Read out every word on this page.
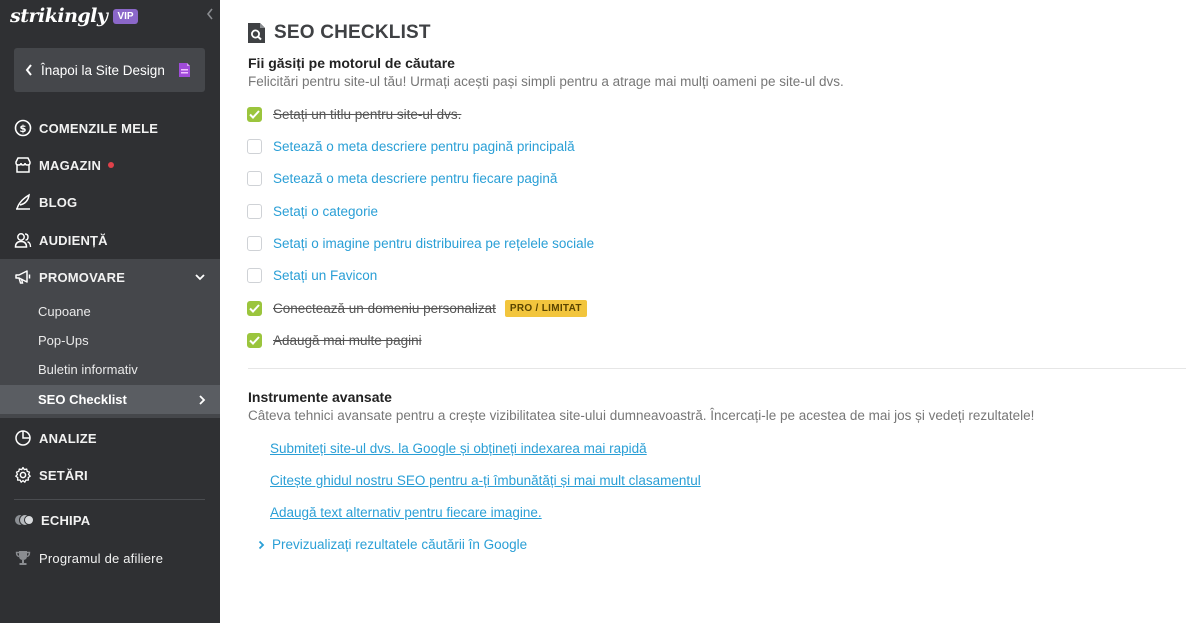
strikingly	VIP
Înapoi la Site Design
$ COMENZILE MELE
MAGAZIN
BLOG
AUDIENȚĂ
PROMOVARE
Cupoane
Pop-Ups
Buletin informativ
SEO Checklist
ANALIZE
SETĂRI
ECHIPA
Programul de afiliere
SEO CHECKLIST
Fii găsiți pe motorul de căutare
Felicitări pentru site-ul tău! Urmați acești pași simpli pentru a atrage mai mulți oameni pe site-ul dvs.
Setați un titlu pentru site-ul dvs.
Setează o meta descriere pentru pagină principală
Setează o meta descriere pentru fiecare pagină
Setați o categorie
Setați o imagine pentru distribuirea pe rețelele sociale
Setați un Favicon
Conectează un domeniu personalizat	PRO / LIMITAT
Adaugă mai multe pagini
Instrumente avansate
Câteva tehnici avansate pentru a crește vizibilitatea site-ului dumneavoastră. Încercați-le pe acestea de mai jos și vedeți rezultatele!
Submiteți site-ul dvs. la Google și obțineți indexarea mai rapidă
Citește ghidul nostru SEO pentru a-ți îmbunătăți și mai mult clasamentul
Adaugă text alternativ pentru fiecare imagine.
Previzualizați rezultatele căutării în Google
